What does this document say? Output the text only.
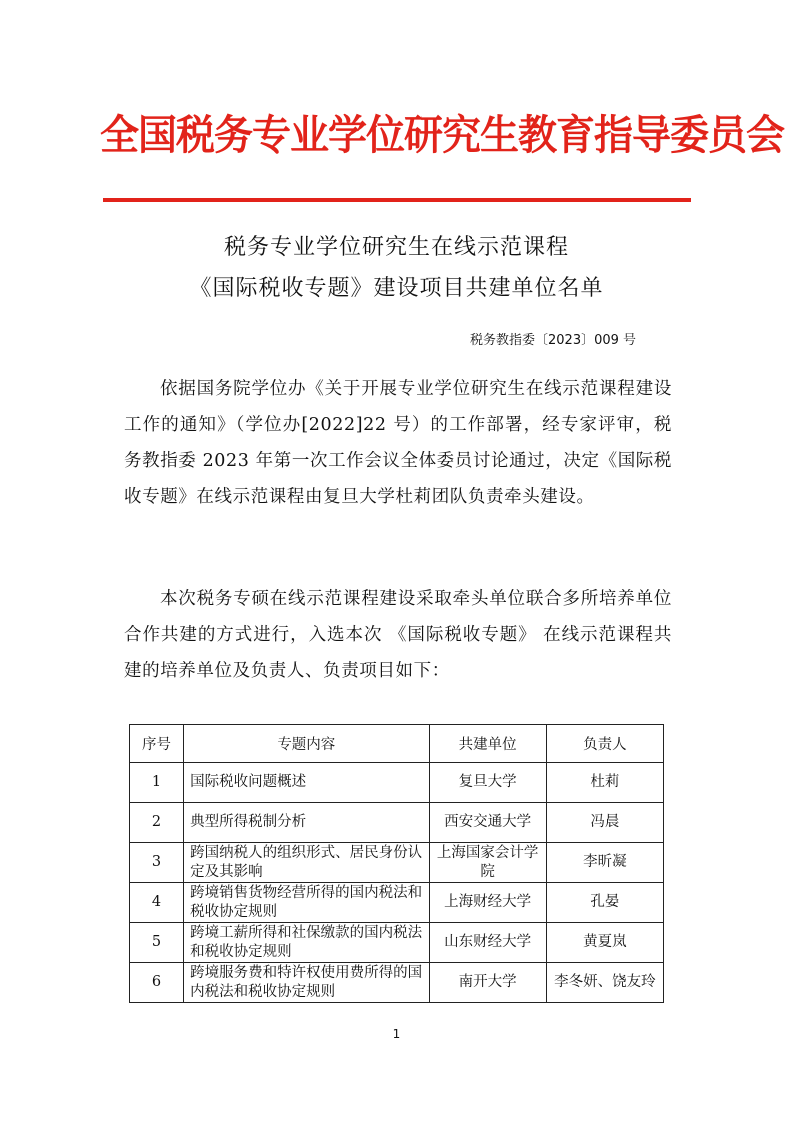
全国税务专业学位研究生教育指导委员会
税务专业学位研究生在线示范课程
《国际税收专题》建设项目共建单位名单
税务教指委〔2023〕009 号
依据国务院学位办《关于开展专业学位研究生在线示范课程建设工作的通知》（学位办[2022]22 号）的工作部署，经专家评审，税务教指委 2023 年第一次工作会议全体委员讨论通过，决定《国际税收专题》在线示范课程由复旦大学杜莉团队负责牵头建设。
本次税务专硕在线示范课程建设采取牵头单位联合多所培养单位合作共建的方式进行，入选本次 《国际税收专题》 在线示范课程共建的培养单位及负责人、负责项目如下：
序号	专题内容	共建单位	负责人
1	国际税收问题概述	复旦大学	杜莉
2	典型所得税制分析	西安交通大学	冯晨
3	跨国纳税人的组织形式、居民身份认定及其影响	上海国家会计学院	李昕凝
4	跨境销售货物经营所得的国内税法和税收协定规则	上海财经大学	孔晏
5	跨境工薪所得和社保缴款的国内税法和税收协定规则	山东财经大学	黄夏岚
6	跨境服务费和特许权使用费所得的国内税法和税收协定规则	南开大学	李冬妍、饶友玲
1
